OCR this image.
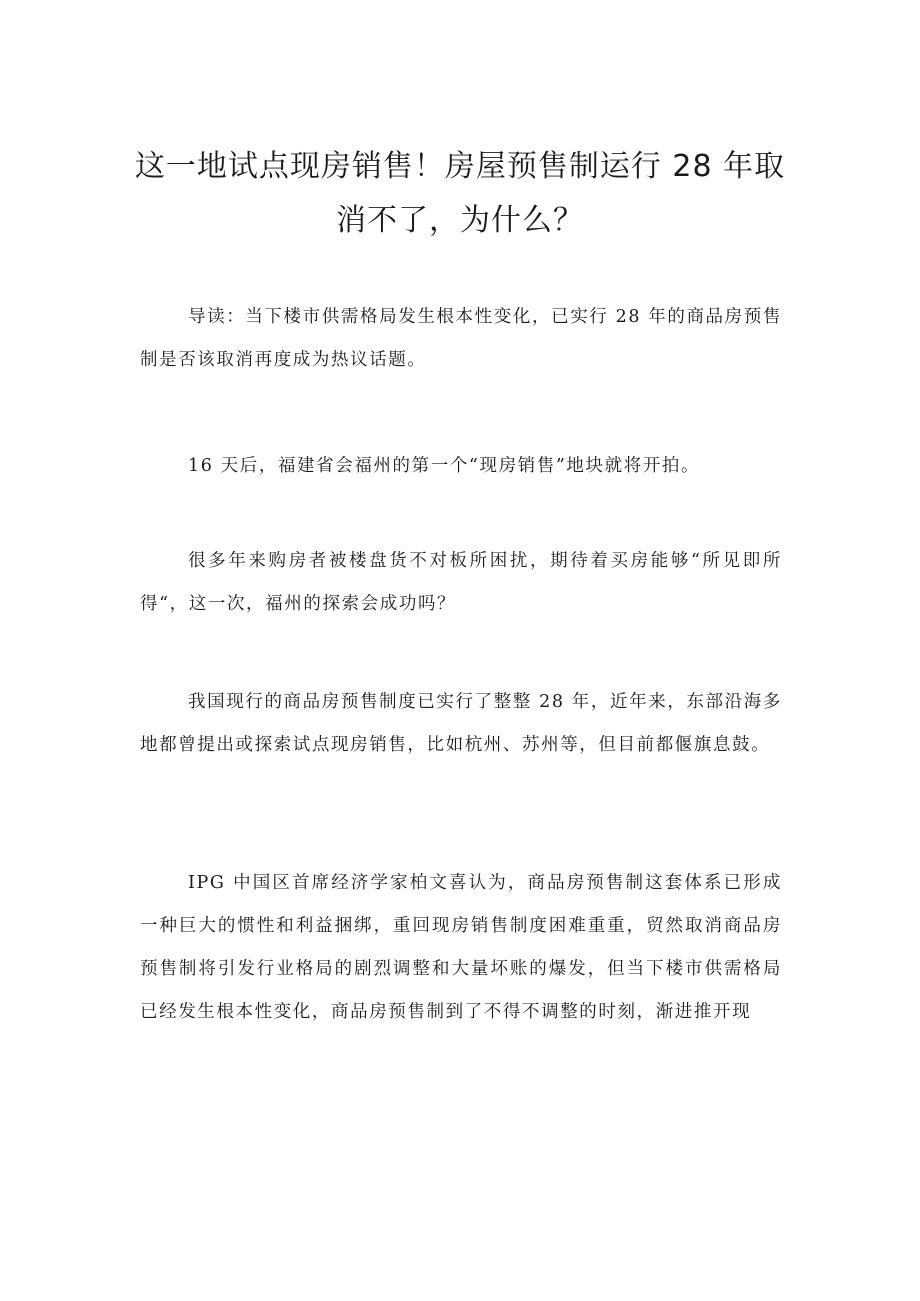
这一地试点现房销售！房屋预售制运行 28 年取消不了，为什么？

导读：当下楼市供需格局发生根本性变化，已实行 28 年的商品房预售制是否该取消再度成为热议话题。

16 天后，福建省会福州的第一个“现房销售”地块就将开拍。

很多年来购房者被楼盘货不对板所困扰，期待着买房能够“所见即所得“，这一次，福州的探索会成功吗？

我国现行的商品房预售制度已实行了整整 28 年，近年来，东部沿海多地都曾提出或探索试点现房销售，比如杭州、苏州等，但目前都偃旗息鼓。

IPG 中国区首席经济学家柏文喜认为，商品房预售制这套体系已形成一种巨大的惯性和利益捆绑，重回现房销售制度困难重重，贸然取消商品房预售制将引发行业格局的剧烈调整和大量坏账的爆发，但当下楼市供需格局已经发生根本性变化，商品房预售制到了不得不调整的时刻，渐进推开现
